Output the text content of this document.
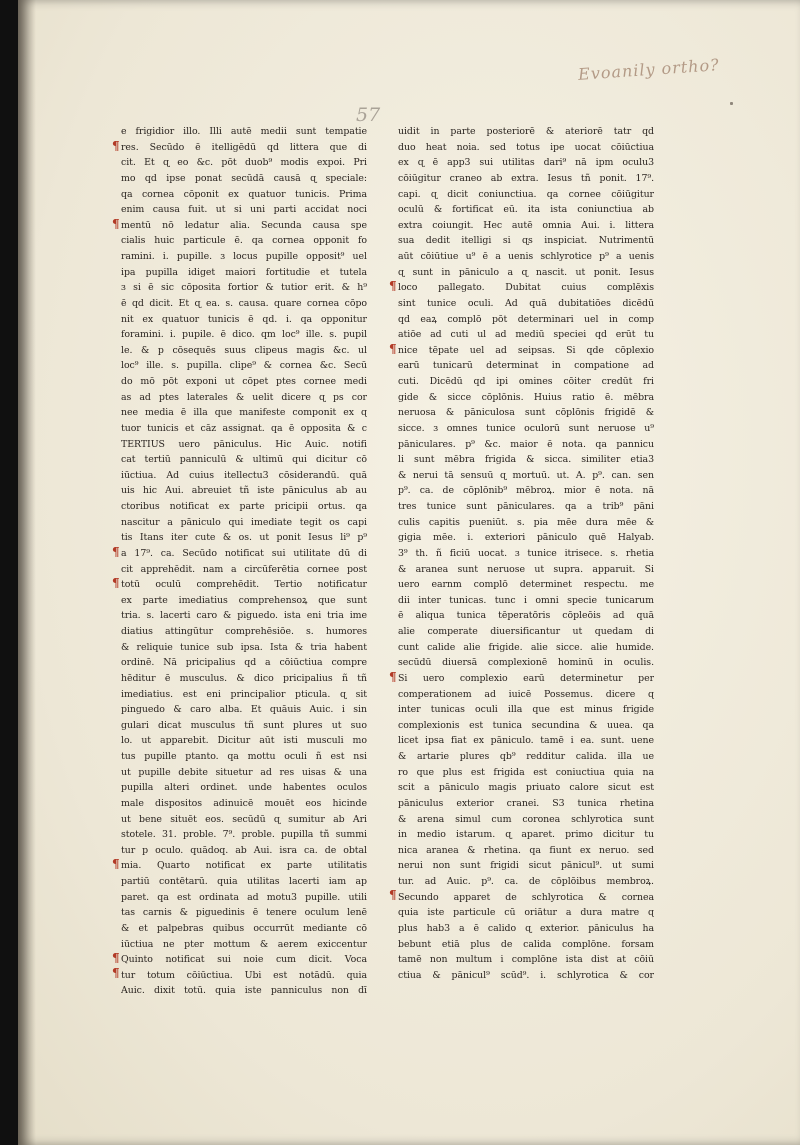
57
Evoanily ortho?
e frigidior illo. Illi autē medii sunt tempatie
res. Secūdo ē itelligēdū qd littera que di
cit. Et ɋ eo &c. pōt duob⁹ modis expoi. Pri
mo qd ipse ponat secūdā causā ɋ speciale:
qa cornea cōponit ex quatuor tunicis. Prima
enim causa fuit. ut si uni parti accidat noci
mentū nō ledatur alia. Secunda causa spe
cialis huic particule ē. qa cornea opponit fo
ramini. i. pupille. ɜ locus pupille opposit⁹ uel
ipa pupilla idiget maiori fortitudie et tutela
ɜ si ē sic cōposita fortior & tutior erit. & h⁹
ē qd dicit. Et ɋ ea. s. causa. quare cornea cōpo
nit ex quatuor tunicis ē qd. i. qa opponitur
foramini. i. pupile. ē dico. qm loc⁹ ille. s. pupil
le. & p cōsequēs suus clipeus magis &c. ul
loc⁹ ille. s. pupilla. clipe⁹ & cornea &c. Secū
do mō pōt exponi ut cōpet ptes cornee medi
as ad ptes laterales & uelit dicere ɋ ps cor
nee media ē illa que manifeste componit ex ɋ
tuor tunicis et cāz assignat. qa ē opposita & c
TERTIUS uero pāniculus. Hic Auic. notifi
cat tertiū panniculū & ultimū qui dicitur cō
iūctiua. Ad cuius itellectu3 cōsiderandū. quā
uis hic Aui. abreuiet tñ iste pāniculus ab au
ctoribus notificat ex parte pricipii ortus. qa
nascitur a pāniculo qui imediate tegit os capi
tis Itans iter cute & os. ut ponit Iesus li⁹ p⁹
a 17⁹. ca. Secūdo notificat sui utilitate dū di
cit apprehēdit. nam a circūferētia cornee post
totū oculū comprehēdit. Tertio notificatur
ex parte imediatius comprehensoꝝ que sunt
tria. s. lacerti caro & piguedo. ista eni tria ime
diatius attingūtur comprehēsiōe. s. humores
& reliquie tunice sub ipsa. Ista & tria habent
ordinē. Nā pricipalius qd a cōiūctiua compre
hēditur ē musculus. & dico pricipalius ñ tñ
imediatius. est eni principalior pticula. ɋ sit
pinguedo & caro alba. Et quāuis Auic. i sin
gulari dicat musculus tñ sunt plures ut suo
lo. ut apparebit. Dicitur aūt isti musculi mo
tus pupille ptanto. qa mottu oculi ñ est nsi
ut pupille debite situetur ad res uisas & una
pupilla alteri ordinet. unde habentes oculos
male dispositos adinuicē mouēt eos hicinde
ut bene situēt eos. secūdū ɋ sumitur ab Ari
stotele. 31. proble. 7⁹. proble. pupilla tñ summi
tur p oculo. quādoq. ab Aui. isra ca. de obtal
mia. Quarto notificat ex parte utilitatis
partiū contētarū. quia utilitas lacerti iam ap
paret. qa est ordinata ad motu3 pupille. utili
tas carnis & piguedinis ē tenere oculum lenē
& et palpebras quibus occurrūt mediante cō
iūctiua ne pter mottum & aerem exiccentur
Quinto notificat sui noie cum dicit. Voca
tur totum cōiūctiua. Ubi est notādū. quia
Auic. dixit totū. quia iste panniculus non dī
uidit in parte posteriorē & ateriorē tatr qd
duo heat noia. sed totus ipe uocat cōiūctiua
ex ɋ ē app3 sui utilitas dari⁹ nā ipm oculu3
cōiūgitur craneo ab extra. Iesus tñ ponit. 17⁹.
capi. ɋ dicit coniunctiua. qa cornee cōiūgitur
oculū & fortificat eū. ita ista coniunctiua ab
extra coiungit. Hec autē omnia Aui. i. littera
sua dedit itelligi si ɋs inspiciat. Nutrimentū
aūt cōiūtiue u⁹ ē a uenis schlyrotice p⁹ a uenis
ɋ sunt in pāniculo a ɋ nascit. ut ponit. Iesus
loco pallegato. Dubitat cuius complēxis
sint tunice oculi. Ad quā dubitatiōes dicēdū
qd eaꝝ complō pōt determinari uel in comp
atiōe ad cuti ul ad mediū speciei qd erūt tu
nice tēpate uel ad seipsas. Si qde cōplexio
earū tunicarū determinat in compatione ad
cuti. Dicēdū qd ipi omines cōiter credūt fri
gide & sicce cōplōnis. Huius ratio ē. mēbra
neruosa & pāniculosa sunt cōplōnis frigidē &
sicce. ɜ omnes tunice oculorū sunt neruose u⁹
pāniculares. p⁹ &c. maior ē nota. qa pannicu
li sunt mēbra frigida & sicca. similiter etia3
& nerui tā sensuū ɋ mortuū. ut. A. p⁹. can. sen
p⁹. ca. de cōplōnib⁹ mēbroꝝ. mior ē nota. nā
tres tunice sunt pāniculares. qa a trib⁹ pāni
culis capitis pueniūt. s. pia mēe dura mēe &
gigia mēe. i. exteriori pāniculo quē Halyab.
3⁹ th. ñ ficiū uocat. ɜ tunice itrisece. s. rhetia
& aranea sunt neruose ut supra. apparuit. Si
uero earnm complō determinet respectu. me
dii inter tunicas. tunc i omni specie tunicarum
ē aliqua tunica tēperatōris cōpleōis ad quā
alie comperate diuersificantur ut quedam di
cunt calide alie frigide. alie sicce. alie humide.
secūdū diuersā complexionē hominū in oculis.
Si uero complexio earū determinetur per
comperationem ad iuicē Possemus. dicere ɋ
inter tunicas oculi illa que est minus frigide
complexionis est tunica secundina & uuea. qa
licet ipsa fiat ex pāniculo. tamē i ea. sunt. uene
& artarie plures qb⁹ redditur calida. illa ue
ro que plus est frigida est coniuctiua quia na
scit a pāniculo magis priuato calore sicut est
pāniculus exterior cranei. S3 tunica rhetina
& arena simul cum coronea schlyrotica sunt
in medio istarum. ɋ aparet. primo dicitur tu
nica aranea & rhetina. qa fiunt ex neruo. sed
nerui non sunt frigidi sicut pānicul⁹. ut sumi
tur. ad Auic. p⁹. ca. de cōplōibus membroꝝ.
Secundo apparet de schlyrotica & cornea
quia iste particule cū oriātur a dura matre ɋ
plus hab3 a ē calido ɋ exterior. pāniculus ha
bebunt etiā plus de calida complōne. forsam
tamē non multum i complōne ista dist at cōiū
ctiua & pānicul⁹ scūd⁹. i. schlyrotica & cor
¶
¶
¶
¶
¶
¶
¶
¶
¶
¶
¶
